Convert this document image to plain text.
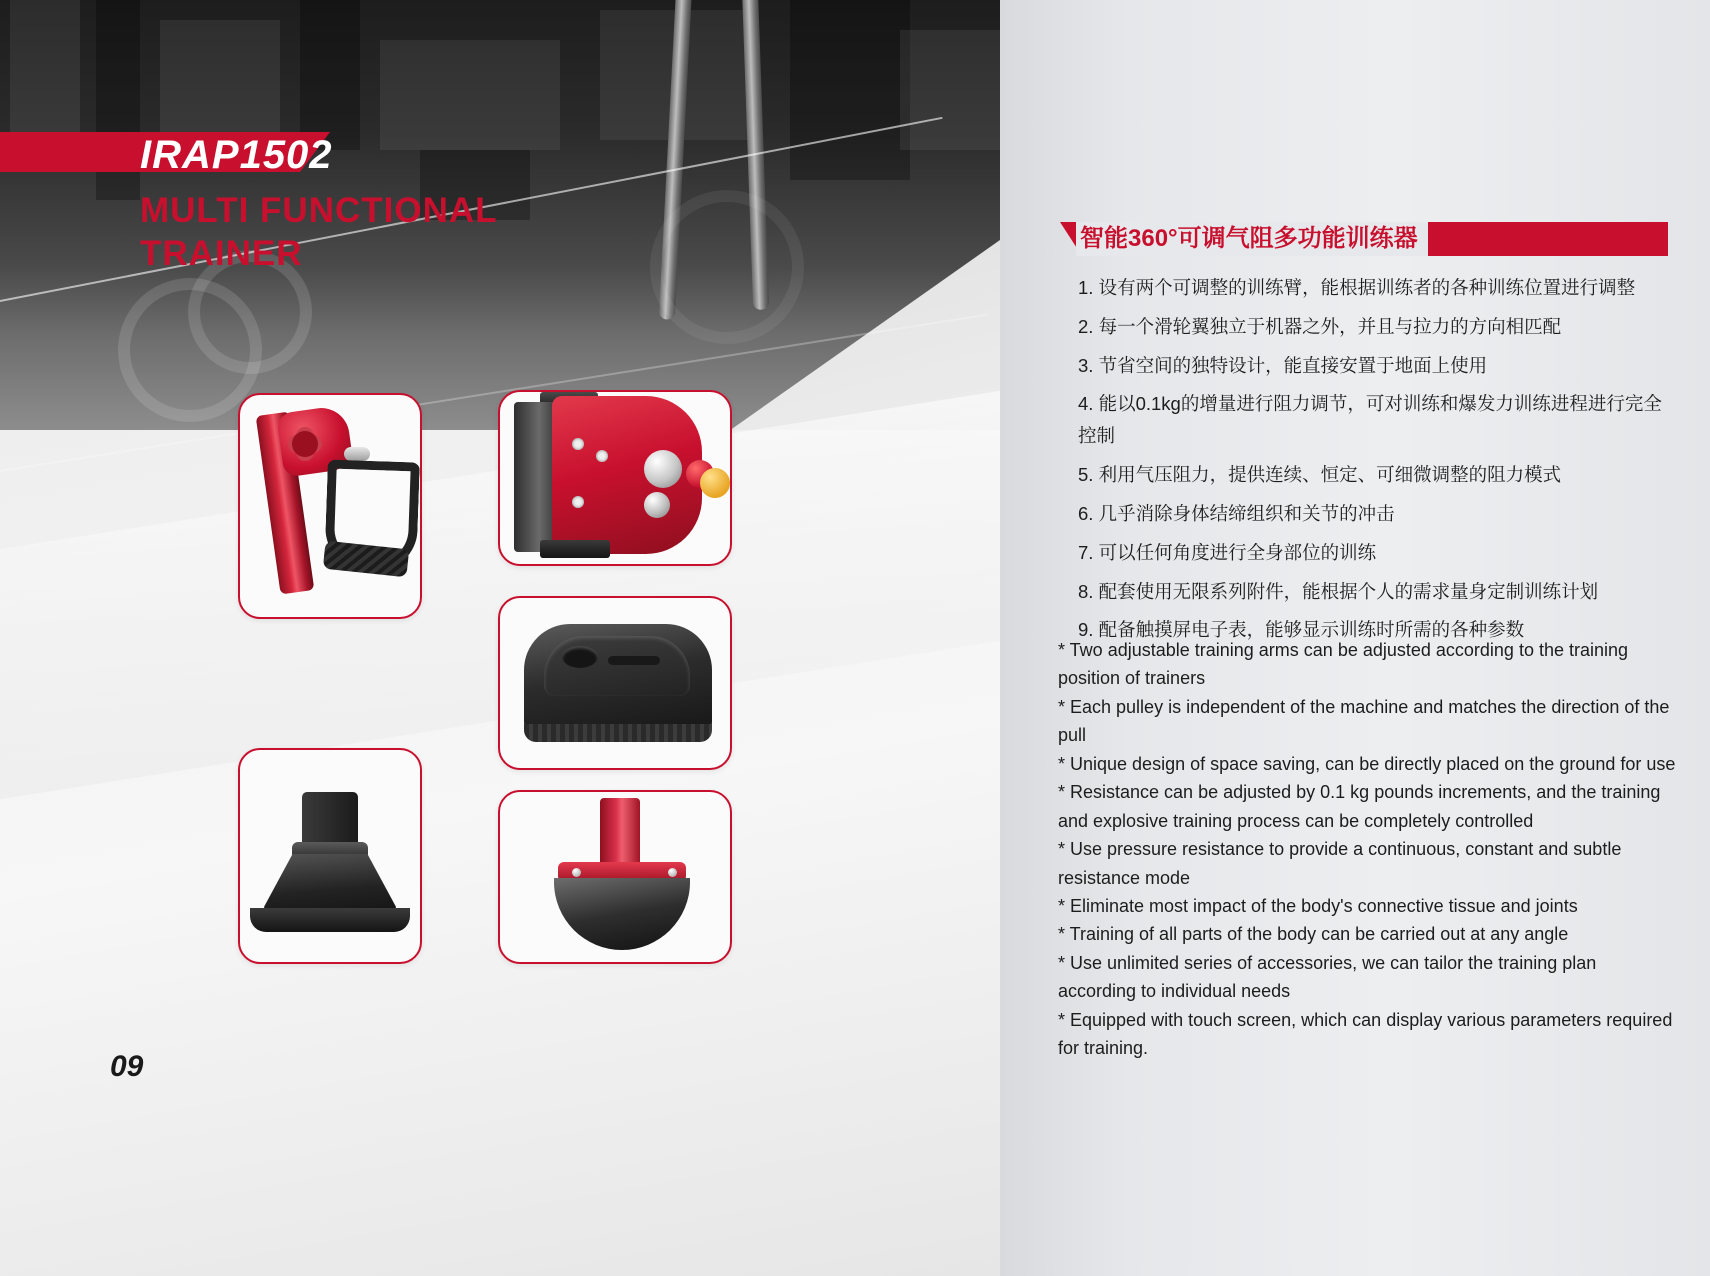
IRAP1502
MULTI FUNCTIONAL
TRAINER
09
智能360°可调气阻多功能训练器
1. 设有两个可调整的训练臂，能根据训练者的各种训练位置进行调整
2. 每一个滑轮翼独立于机器之外，并且与拉力的方向相匹配
3. 节省空间的独特设计，能直接安置于地面上使用
4. 能以0.1kg的增量进行阻力调节，可对训练和爆发力训练进程进行完全控制
5. 利用气压阻力，提供连续、恒定、可细微调整的阻力模式
6. 几乎消除身体结缔组织和关节的冲击
7. 可以任何角度进行全身部位的训练
8. 配套使用无限系列附件，能根据个人的需求量身定制训练计划
9. 配备触摸屏电子表，能够显示训练时所需的各种参数
* Two adjustable training arms can be adjusted according to the training position of trainers
* Each pulley is independent of the machine and matches the direction of the pull
* Unique design of space saving, can be directly placed on the ground for use
* Resistance can be adjusted by 0.1 kg pounds increments, and the training and explosive training process can be completely controlled
* Use pressure resistance to provide a continuous, constant and subtle resistance mode
* Eliminate most impact of the body's connective tissue and joints
* Training of all parts of the body can be carried out at any angle
* Use unlimited series of accessories, we can tailor the training plan according to individual needs
* Equipped with touch screen, which can display various parameters required for training.
